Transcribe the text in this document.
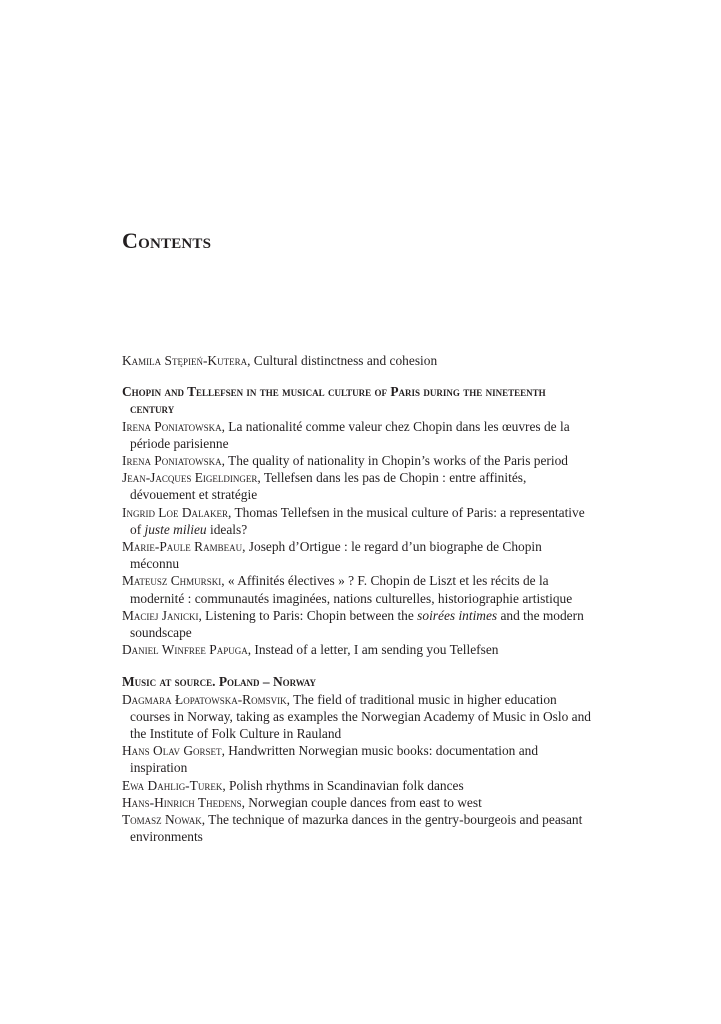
Contents

Kamila Stępień-Kutera, Cultural distinctness and cohesion

Chopin and Tellefsen in the musical culture of Paris during the nineteenth century

Irena Poniatowska, La nationalité comme valeur chez Chopin dans les œuvres de la période parisienne

Irena Poniatowska, The quality of nationality in Chopin’s works of the Paris period

Jean-Jacques Eigeldinger, Tellefsen dans les pas de Chopin : entre affinités, dévouement et stratégie

Ingrid Loe Dalaker, Thomas Tellefsen in the musical culture of Paris: a representative of juste milieu ideals?

Marie-Paule Rambeau, Joseph d’Ortigue : le regard d’un biographe de Chopin méconnu

Mateusz Chmurski, « Affinités électives » ? F. Chopin de Liszt et les récits de la modernité : communautés imaginées, nations culturelles, historiographie artistique

Maciej Janicki, Listening to Paris: Chopin between the soirées intimes and the modern soundscape

Daniel Winfree Papuga, Instead of a letter, I am sending you Tellefsen

Music at source. Poland – Norway

Dagmara Łopatowska-Romsvik, The field of traditional music in higher education courses in Norway, taking as examples the Norwegian Academy of Music in Oslo and the Institute of Folk Culture in Rauland

Hans Olav Gorset, Handwritten Norwegian music books: documentation and inspiration

Ewa Dahlig-Turek, Polish rhythms in Scandinavian folk dances

Hans-Hinrich Thedens, Norwegian couple dances from east to west

Tomasz Nowak, The technique of mazurka dances in the gentry-bourgeois and peasant environments
